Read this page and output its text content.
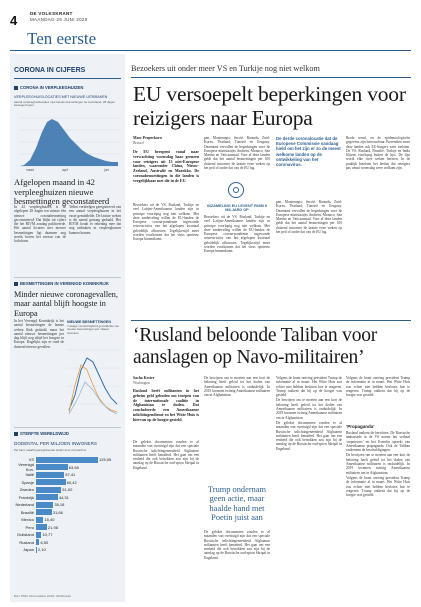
4	DE VOLKSKRANT
MAANDAG 29 JUNI 2020
Ten eerste
CORONA IN CIJFERS
CORONA IN VERPLEEGHUIZEN
VERPLEEGHUISLOCATIES MET NIEUWE UITBRAKEN
Aantal verpleeghuislocaties met nieuwe besmettingen na meimaand, 28 dagen bewegend gem.
maart	april	juni
Afgelopen maand in 42 verpleeghuizen nieuwe besmettingen geconstateerd

In 42 verpleeghuizen is de afgelopen 28 dagen ten minste één nieuwe coronabesmetting geconstateerd. Dat blijkt uit cijfers die het RIVM zondag publiceerde. Het aantal locaties met nieuwe besmettingen ligt daarmee nog steeds boven het niveau van de lockdown.

Tellen verdeelgen geregistreerd van een aantal verpleeghuizen in het vaste gemiddelde. De laatste weken is dit aantal gestaag gedaald. Het RIVM houdt er rekening mee dat nog uitbraken in verpleeghuizen kunnen komen.

BESMETTINGEN IN VERENIGD KONINKRIJK
Minder nieuwe coronagevallen, maar aantal blijft hoogste in Europa

In het Verenigd Koninkrijk is het aantal besmettingen de laatste weken flink gedaald, maar het aantal nieuwe besmettingen per dag blijft nog altijd het hoogste in Europa. Dagelijks zijn er rond de duizend nieuwe gevallen.

NIEUWE BESMETTINGEN
7-daags voortschrijdend gemiddelde van nieuwe besmettingen per miljoen inwoners
STERFTE WERELDWIJD
DODENTAL PER MILJOEN INWONERS
Per land, waarbij geregistreerde doden door coronavirus
VS	125,05
Verenigd Kon.	63,98
Italië	57,41
Spanje	60,42
Zweden	51,00
Frankrijk	44,31
Nederland	35,18
Brazilië	31,66
Mexico	15,40
Peru	21,98
Duitsland	10,77
Rusland	6,50
Japan 2,10
Bron: RIVM, Johns Hopkins, ECDC, Worldometer
Bezoekers uit onder meer VS en Turkije nog niet welkom
EU versoepelt beperkingen voor reizigers naar Europa
Marc Peeperkorn
Brussel

De EU heropent vanaf naar verwachting woensdag haar grenzen voor reizigers uit 15 niet-Europese landen, waaronder China, Nieuw-Zeeland, Australië en Marokko. De coronabesmettingen in die landen is vergelijkbaar met die in de EU.

Bezoekers uit de VS, Rusland, Turkije en veel Latijns-Amerikaanse landen zijn in principe voorlopig nog niet welkom. Met deze aanbeveling willen de EU-landen de Europese corona-pandemie ingewonde reisrestricties van het afgelopen kwartaal geleidelijk afbouwen. Tegelijkertijd moet worden voorkomen dat het virus opnieuw Europa binnenkomt.

pan, Montenegro, Servië, Rwanda, Zuid-Korea, Thailand, Tunesië en Uruguay. Daarnaast vervallen de beperkingen voor de Europese ministaatjes Andorra, Monaco, San Marino en Vaticaanstad. Voor al deze landen geldt dat het aantal besmettingen per 100 duizend inwoners de laatste twee weken op het peil of onder dat van de EU lag.

INZAMELING EU LEVENT RUIM 6 MILJARD OP
De derde coronalocatie dat de Europese Commissie vandaag hield om het zijn er zo de meest welkome landen op de ontwikkeling van het coronavirus.

Brede trend, en de epidemiologische gegevens zijn betrouwbaar. Bovendien moet deze landen ook EU-burgers weer toelaten. De VS, Rusland, Brazilië, Turkije en India blijven voorlopig buiten de lijst. De lijst wordt elke twee weken herzien. In de praktijk betekent het besluit dat reizigers pas vanaf woensdag weer welkom zijn.

Bezoekers uit de VS, Rusland, Turkije en veel Latijns-Amerikaanse landen zijn in principe voorlopig nog niet welkom. Met deze aanbeveling willen de EU-landen de Europese corona-pandemie ingewonde reisrestricties van het afgelopen kwartaal geleidelijk afbouwen. Tegelijkertijd moet worden voorkomen dat het virus opnieuw Europa binnenkomt.

pan, Montenegro, Servië, Rwanda, Zuid-Korea, Thailand, Tunesië en Uruguay. Daarnaast vervallen de beperkingen voor de Europese ministaatjes Andorra, Monaco, San Marino en Vaticaanstad. Voor al deze landen geldt dat het aantal besmettingen per 100 duizend inwoners de laatste twee weken op het peil of onder dat van de EU lag.

‘Rusland beloonde Taliban voor aanslagen op Navo-militairen’
Sacha Kester
Washington

Rusland heeft militanten in het geheim geld geboden om troepen van de internationale coalitie in Afghanistan te doden. Dat concludeerde een Amerikaanse inlichtingendienst en het Witte Huis is hiervan op de hoogte gesteld.

De gelekte documenten zouden er al maanden van overtuigd zijn dat een speciale Russische inlichtingeneenheid Afghaanse militanten heeft benaderd. Het gaat om een eenheid die ook betrokken zou zijn bij de aanslag op de Russische oud-spion Skripal in Engeland.

De bewijzen om te moeten aan een kort de beloning heeft geleid tot het doden van Amerikaanse militairen is onduidelijk. In 2019 kwamen twintig Amerikaanse militairen om in Afghanistan.

Trump ondernam geen actie, maar haalde hand met Poetin juist aan

De gelekte documenten zouden er al maanden van overtuigd zijn dat een speciale Russische inlichtingeneenheid Afghaanse militanten heeft benaderd. Het gaat om een eenheid die ook betrokken zou zijn bij de aanslag op de Russische oud-spion Skripal in Engeland.

Volgens de krant ontving president Trump de informatie al in maart. Het Witte Huis zou echter niet hebben besloten hoe te reageren. Trump ontkent dat hij op de hoogte was gesteld.

De bewijzen om te moeten aan een kort de beloning heeft geleid tot het doden van Amerikaanse militairen is onduidelijk. In 2019 kwamen twintig Amerikaanse militairen om in Afghanistan.

De gelekte documenten zouden er al maanden van overtuigd zijn dat een speciale Russische inlichtingeneenheid Afghaanse militanten heeft benaderd. Het gaat om een eenheid die ook betrokken zou zijn bij de aanslag op de Russische oud-spion Skripal in Engeland.

Volgens de krant ontving president Trump de informatie al in maart. Het Witte Huis zou echter niet hebben besloten hoe te reageren. Trump ontkent dat hij op de hoogte was gesteld.

‘Propaganda’

Rusland ontkent de berichten. De Russische ambassade in de VS noemt het verhaal ‘nepnieuws’ en het Kremlin spreekt van Amerikaanse propaganda. Ook de Taliban ontkennen de beschuldigingen.

De bewijzen om te moeten aan een kort de beloning heeft geleid tot het doden van Amerikaanse militairen is onduidelijk. In 2019 kwamen twintig Amerikaanse militairen om in Afghanistan.

Volgens de krant ontving president Trump de informatie al in maart. Het Witte Huis zou echter niet hebben besloten hoe te reageren. Trump ontkent dat hij op de hoogte was gesteld.
